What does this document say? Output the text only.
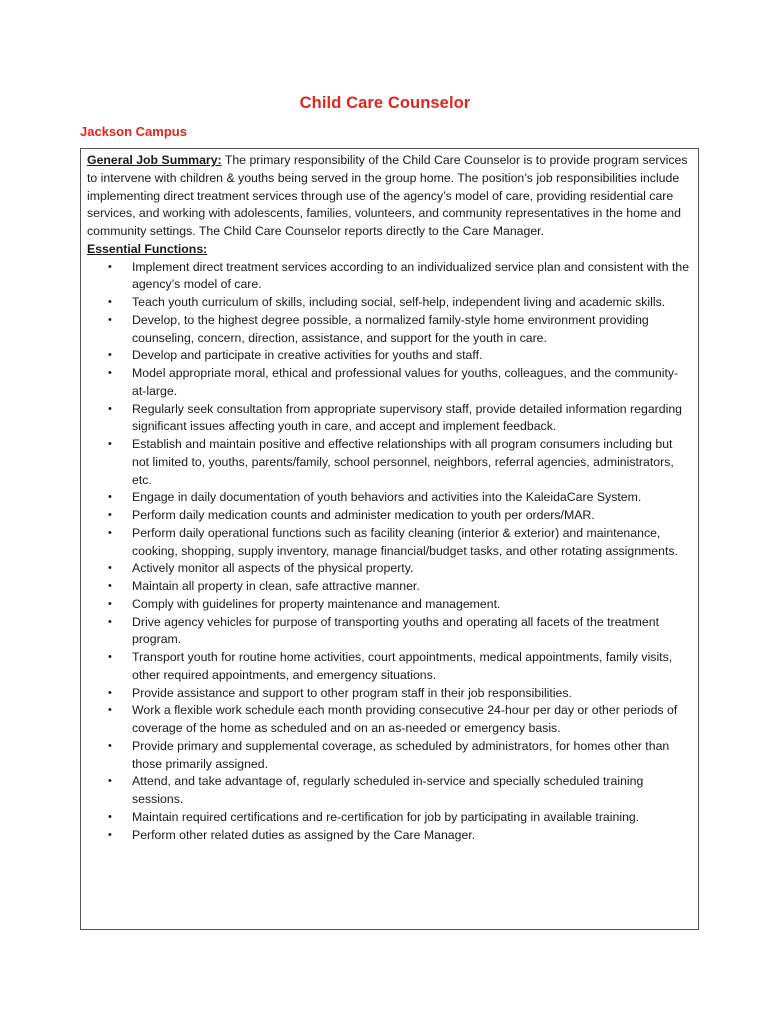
Child Care Counselor
Jackson Campus

General Job Summary: The primary responsibility of the Child Care Counselor is to provide program services to intervene with children & youths being served in the group home. The position’s job responsibilities include implementing direct treatment services through use of the agency’s model of care, providing residential care services, and working with adolescents, families, volunteers, and community representatives in the home and community settings. The Child Care Counselor reports directly to the Care Manager.

Essential Functions:

• Implement direct treatment services according to an individualized service plan and consistent with the agency’s model of care.
• Teach youth curriculum of skills, including social, self-help, independent living and academic skills.
• Develop, to the highest degree possible, a normalized family-style home environment providing counseling, concern, direction, assistance, and support for the youth in care.
• Develop and participate in creative activities for youths and staff.
• Model appropriate moral, ethical and professional values for youths, colleagues, and the community-at-large.
• Regularly seek consultation from appropriate supervisory staff, provide detailed information regarding significant issues affecting youth in care, and accept and implement feedback.
• Establish and maintain positive and effective relationships with all program consumers including but not limited to, youths, parents/family, school personnel, neighbors, referral agencies, administrators, etc.
• Engage in daily documentation of youth behaviors and activities into the KaleidaCare System.
• Perform daily medication counts and administer medication to youth per orders/MAR.
• Perform daily operational functions such as facility cleaning (interior & exterior) and maintenance, cooking, shopping, supply inventory, manage financial/budget tasks, and other rotating assignments.
• Actively monitor all aspects of the physical property.
• Maintain all property in clean, safe attractive manner.
• Comply with guidelines for property maintenance and management.
• Drive agency vehicles for purpose of transporting youths and operating all facets of the treatment program.
• Transport youth for routine home activities, court appointments, medical appointments, family visits, other required appointments, and emergency situations.
• Provide assistance and support to other program staff in their job responsibilities.
• Work a flexible work schedule each month providing consecutive 24-hour per day or other periods of coverage of the home as scheduled and on an as-needed or emergency basis.
• Provide primary and supplemental coverage, as scheduled by administrators, for homes other than those primarily assigned.
• Attend, and take advantage of, regularly scheduled in-service and specially scheduled training sessions.
• Maintain required certifications and re-certification for job by participating in available training.
• Perform other related duties as assigned by the Care Manager.
